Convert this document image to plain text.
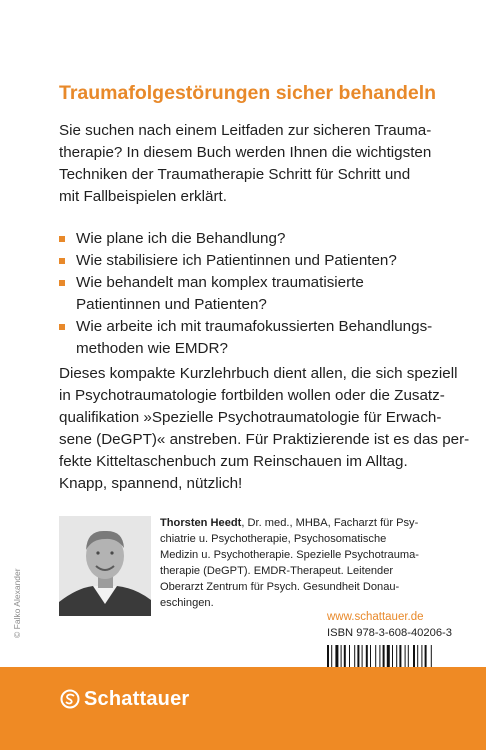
Traumafolgestörungen sicher behandeln

Sie suchen nach einem Leitfaden zur sicheren Trauma-
therapie? In diesem Buch werden Ihnen die wichtigsten
Techniken der Traumatherapie Schritt für Schritt und
mit Fallbeispielen erklärt.

Wie plane ich die Behandlung?
Wie stabilisiere ich Patientinnen und Patienten?
Wie behandelt man komplex traumatisierte
Patientinnen und Patienten?
Wie arbeite ich mit traumafokussierten Behandlungs-
methoden wie EMDR?

Dieses kompakte Kurzlehrbuch dient allen, die sich speziell
in Psychotraumatologie fortbilden wollen oder die Zusatz-
qualifikation »Spezielle Psychotraumatologie für Erwach-
sene (DeGPT)« anstreben. Für Praktizierende ist es das per-
fekte Kitteltaschenbuch zum Reinschauen im Alltag.
Knapp, spannend, nützlich!

© Falko Alexander

Thorsten Heedt, Dr. med., MHBA, Facharzt für Psy-
chiatrie u. Psychotherapie, Psychosomatische
Medizin u. Psychotherapie. Spezielle Psychotrauma-
therapie (DeGPT). EMDR-Therapeut. Leitender
Oberarzt Zentrum für Psych. Gesundheit Donau-
eschingen.

www.schattauer.de
ISBN 978-3-608-40206-3
Schattauer
